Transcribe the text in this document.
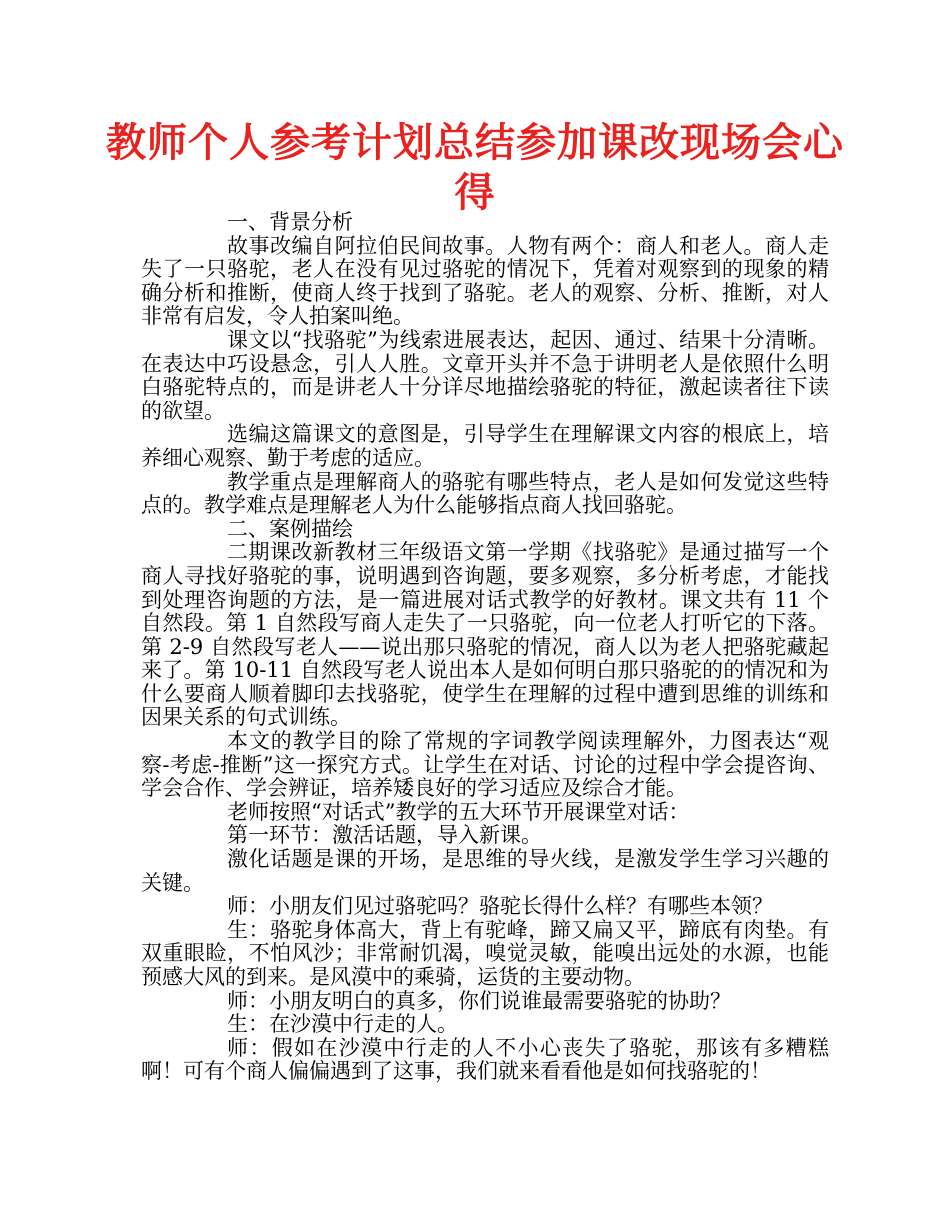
教师个人参考计划总结参加课改现场会心得

一、背景分析

故事改编自阿拉伯民间故事。人物有两个：商人和老人。商人走失了一只骆驼，老人在没有见过骆驼的情况下，凭着对观察到的现象的精确分析和推断，使商人终于找到了骆驼。老人的观察、分析、推断，对人非常有启发，令人拍案叫绝。

课文以“找骆驼”为线索进展表达，起因、通过、结果十分清晰。在表达中巧设悬念，引人人胜。文章开头并不急于讲明老人是依照什么明白骆驼特点的，而是讲老人十分详尽地描绘骆驼的特征，激起读者往下读的欲望。

选编这篇课文的意图是，引导学生在理解课文内容的根底上，培养细心观察、勤于考虑的适应。

教学重点是理解商人的骆驼有哪些特点，老人是如何发觉这些特点的。教学难点是理解老人为什么能够指点商人找回骆驼。

二、案例描绘

二期课改新教材三年级语文第一学期《找骆驼》是通过描写一个商人寻找好骆驼的事，说明遇到咨询题，要多观察，多分析考虑，才能找到处理咨询题的方法，是一篇进展对话式教学的好教材。课文共有 11 个自然段。第 1 自然段写商人走失了一只骆驼，向一位老人打听它的下落。第 2-9 自然段写老人——说出那只骆驼的情况，商人以为老人把骆驼藏起来了。第 10-11 自然段写老人说出本人是如何明白那只骆驼的的情况和为什么要商人顺着脚印去找骆驼，使学生在理解的过程中遭到思维的训练和因果关系的句式训练。

本文的教学目的除了常规的字词教学阅读理解外，力图表达“观察-考虑-推断”这一探究方式。让学生在对话、讨论的过程中学会提咨询、学会合作、学会辨证，培养矮良好的学习适应及综合才能。

老师按照“对话式”教学的五大环节开展课堂对话：

第一环节：激活话题，导入新课。

激化话题是课的开场，是思维的导火线，是激发学生学习兴趣的关键。

师：小朋友们见过骆驼吗？骆驼长得什么样？有哪些本领？

生：骆驼身体高大，背上有驼峰，蹄又扁又平，蹄底有肉垫。有双重眼睑，不怕风沙；非常耐饥渴，嗅觉灵敏，能嗅出远处的水源，也能预感大风的到来。是风漠中的乘骑，运货的主要动物。

师：小朋友明白的真多，你们说谁最需要骆驼的协助？

生：在沙漠中行走的人。

师：假如在沙漠中行走的人不小心丧失了骆驼，那该有多糟糕啊！可有个商人偏偏遇到了这事，我们就来看看他是如何找骆驼的！
